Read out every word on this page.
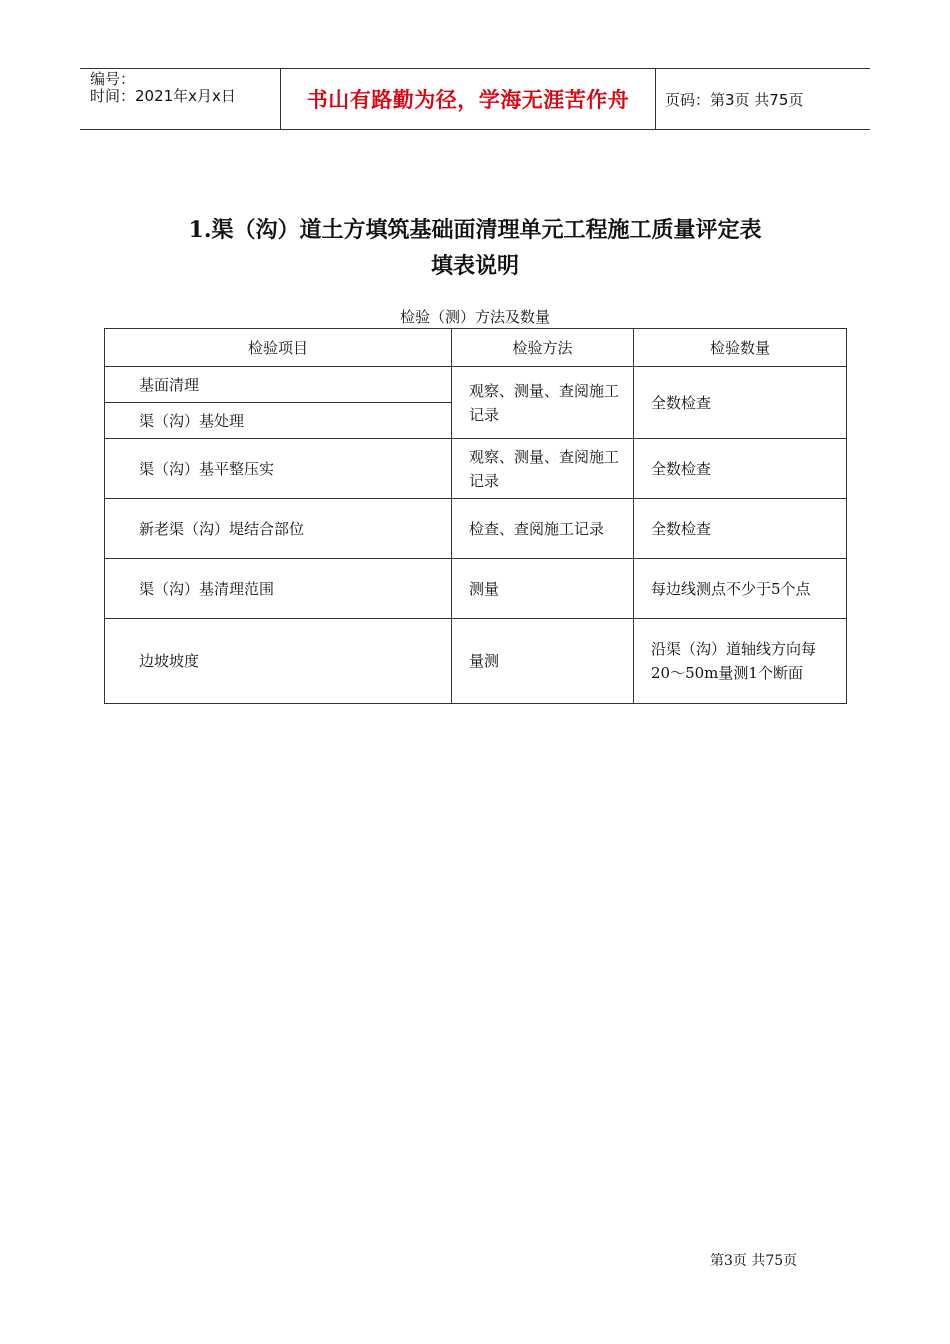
编号：
时间：2021年x月x日	书山有路勤为径，学海无涯苦作舟	页码：第3页 共75页
1.渠（沟）道土方填筑基础面清理单元工程施工质量评定表
填表说明
检验（测）方法及数量
检验项目	检验方法	检验数量
基面清理	观察、测量、查阅施工记录	全数检查
渠（沟）基处理		
渠（沟）基平整压实	观察、测量、查阅施工记录	全数检查
新老渠（沟）堤结合部位	检查、查阅施工记录	全数检查
渠（沟）基清理范围	测量	每边线测点不少于5个点
边坡坡度	量测	沿渠（沟）道轴线方向每20～50m量测1个断面
第3页 共75页
